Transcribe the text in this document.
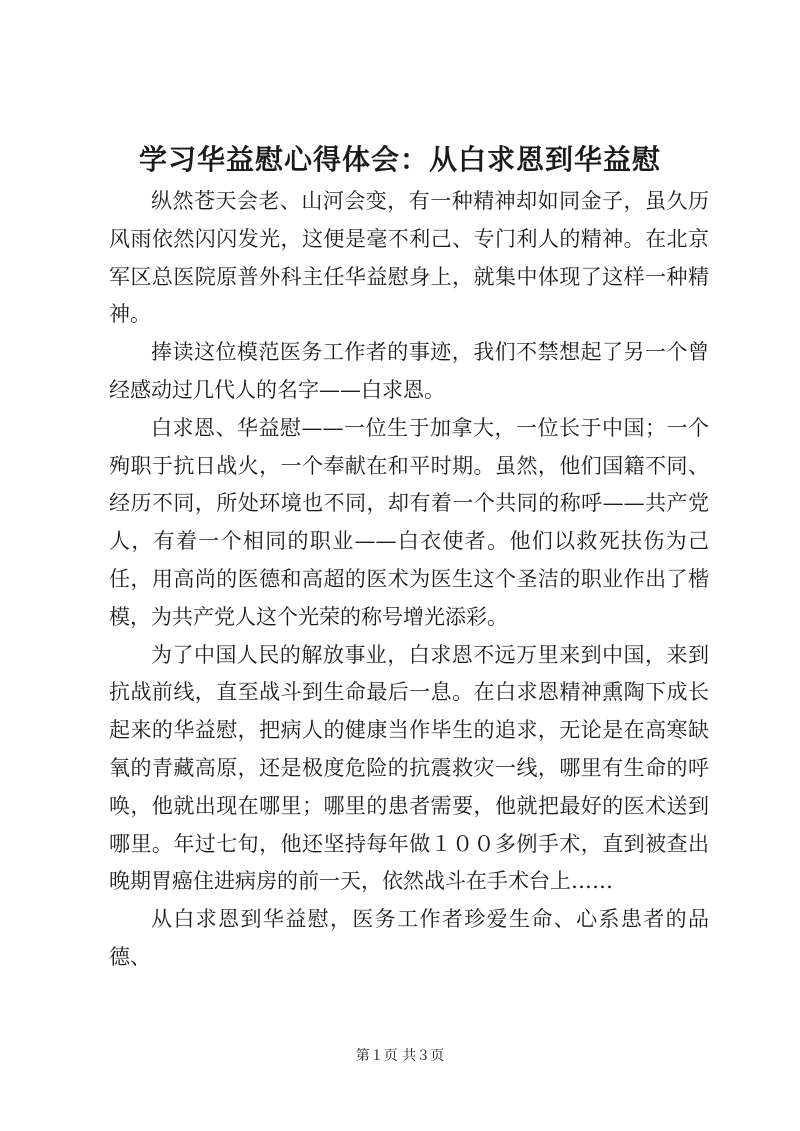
学习华益慰心得体会：从白求恩到华益慰

纵然苍天会老、山河会变，有一种精神却如同金子，虽久历风雨依然闪闪发光，这便是毫不利己、专门利人的精神。在北京军区总医院原普外科主任华益慰身上，就集中体现了这样一种精神。

捧读这位模范医务工作者的事迹，我们不禁想起了另一个曾经感动过几代人的名字——白求恩。

白求恩、华益慰——一位生于加拿大，一位长于中国；一个殉职于抗日战火，一个奉献在和平时期。虽然，他们国籍不同、经历不同，所处环境也不同，却有着一个共同的称呼——共产党人，有着一个相同的职业——白衣使者。他们以救死扶伤为己任，用高尚的医德和高超的医术为医生这个圣洁的职业作出了楷模，为共产党人这个光荣的称号增光添彩。

为了中国人民的解放事业，白求恩不远万里来到中国，来到抗战前线，直至战斗到生命最后一息。在白求恩精神熏陶下成长起来的华益慰，把病人的健康当作毕生的追求，无论是在高寒缺氧的青藏高原，还是极度危险的抗震救灾一线，哪里有生命的呼唤，他就出现在哪里；哪里的患者需要，他就把最好的医术送到哪里。年过七旬，他还坚持每年做１００多例手术，直到被查出晚期胃癌住进病房的前一天，依然战斗在手术台上……

从白求恩到华益慰，医务工作者珍爱生命、心系患者的品德、

第１页 共３页
